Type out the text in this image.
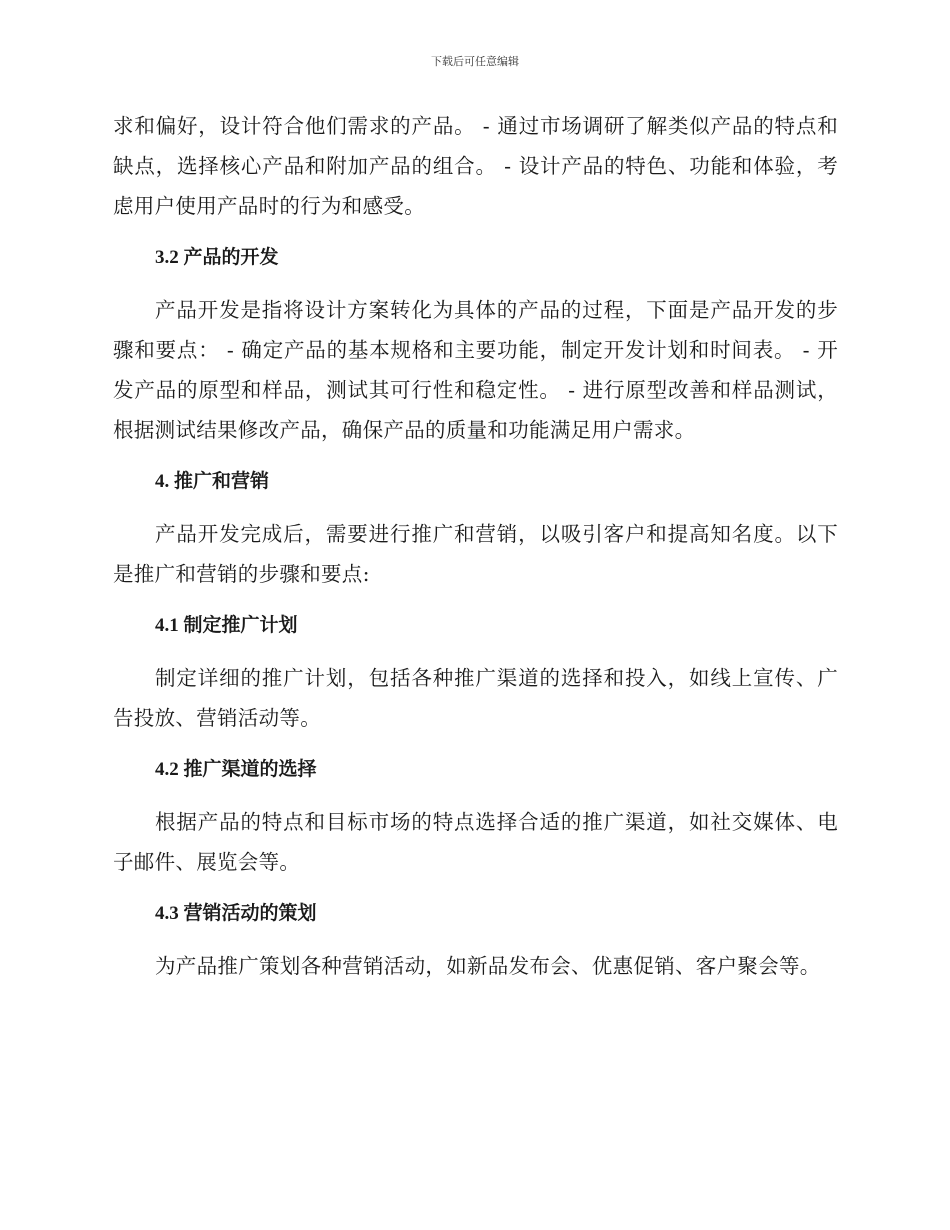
下载后可任意编辑

求和偏好，设计符合他们需求的产品。 - 通过市场调研了解类似产品的特点和缺点，选择核心产品和附加产品的组合。 - 设计产品的特色、功能和体验，考虑用户使用产品时的行为和感受。

3.2 产品的开发

产品开发是指将设计方案转化为具体的产品的过程，下面是产品开发的步骤和要点： - 确定产品的基本规格和主要功能，制定开发计划和时间表。 - 开发产品的原型和样品，测试其可行性和稳定性。 - 进行原型改善和样品测试，根据测试结果修改产品，确保产品的质量和功能满足用户需求。

4. 推广和营销

产品开发完成后，需要进行推广和营销，以吸引客户和提高知名度。以下是推广和营销的步骤和要点:

4.1 制定推广计划

制定详细的推广计划，包括各种推广渠道的选择和投入，如线上宣传、广告投放、营销活动等。

4.2 推广渠道的选择

根据产品的特点和目标市场的特点选择合适的推广渠道，如社交媒体、电子邮件、展览会等。

4.3 营销活动的策划

为产品推广策划各种营销活动，如新品发布会、优惠促销、客户聚会等。
